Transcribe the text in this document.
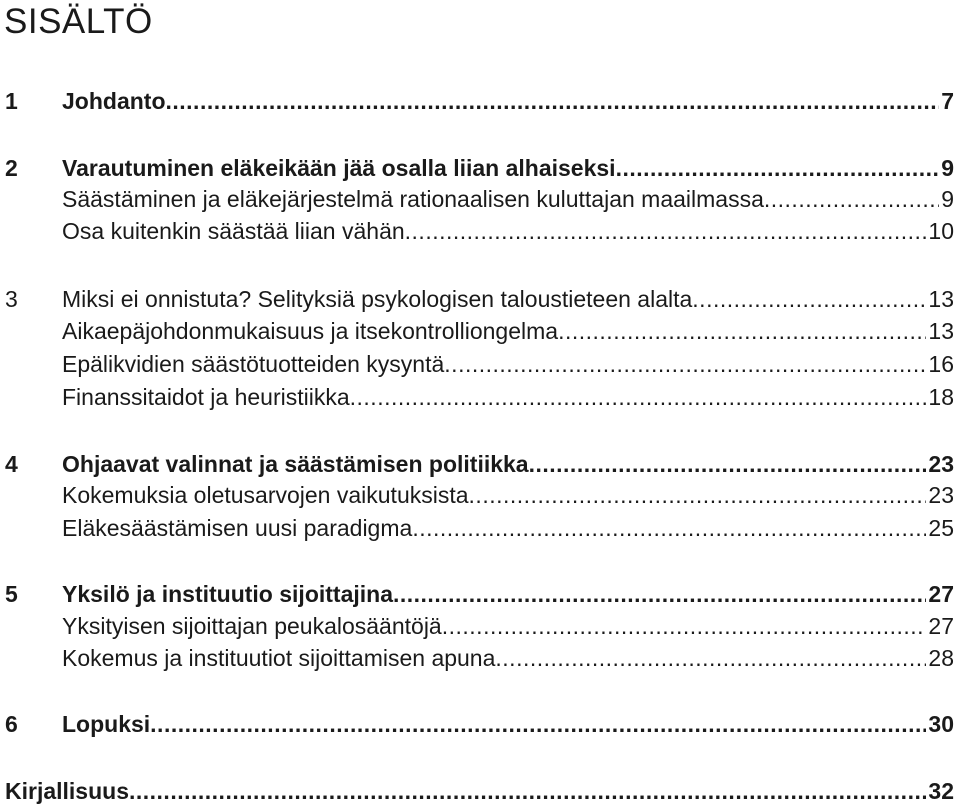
SISÄLTÖ
1	Johdanto .....	7
2	Varautuminen eläkeikään jää osalla liian alhaiseksi .....	9
Säästäminen ja eläkejärjestelmä rationaalisen kuluttajan maailmassa .....	9
Osa kuitenkin säästää liian vähän .....	10
3	Miksi ei onnistuta? Selityksiä psykologisen taloustieteen alalta .....	13
Aikaepäjohdonmukaisuus ja itsekontrolliongelma .....	13
Epälikvidien säästötuotteiden kysyntä .....	16
Finanssitaidot ja heuristiikka .....	18
4	Ohjaavat valinnat ja säästämisen politiikka .....	23
Kokemuksia oletusarvojen vaikutuksista .....	23
Eläkesäästämisen uusi paradigma .....	25
5	Yksilö ja instituutio sijoittajina .....	27
Yksityisen sijoittajan peukalosääntöjä .....	27
Kokemus ja instituutiot sijoittamisen apuna .....	28
6	Lopuksi .....	30
Kirjallisuus .....	32
